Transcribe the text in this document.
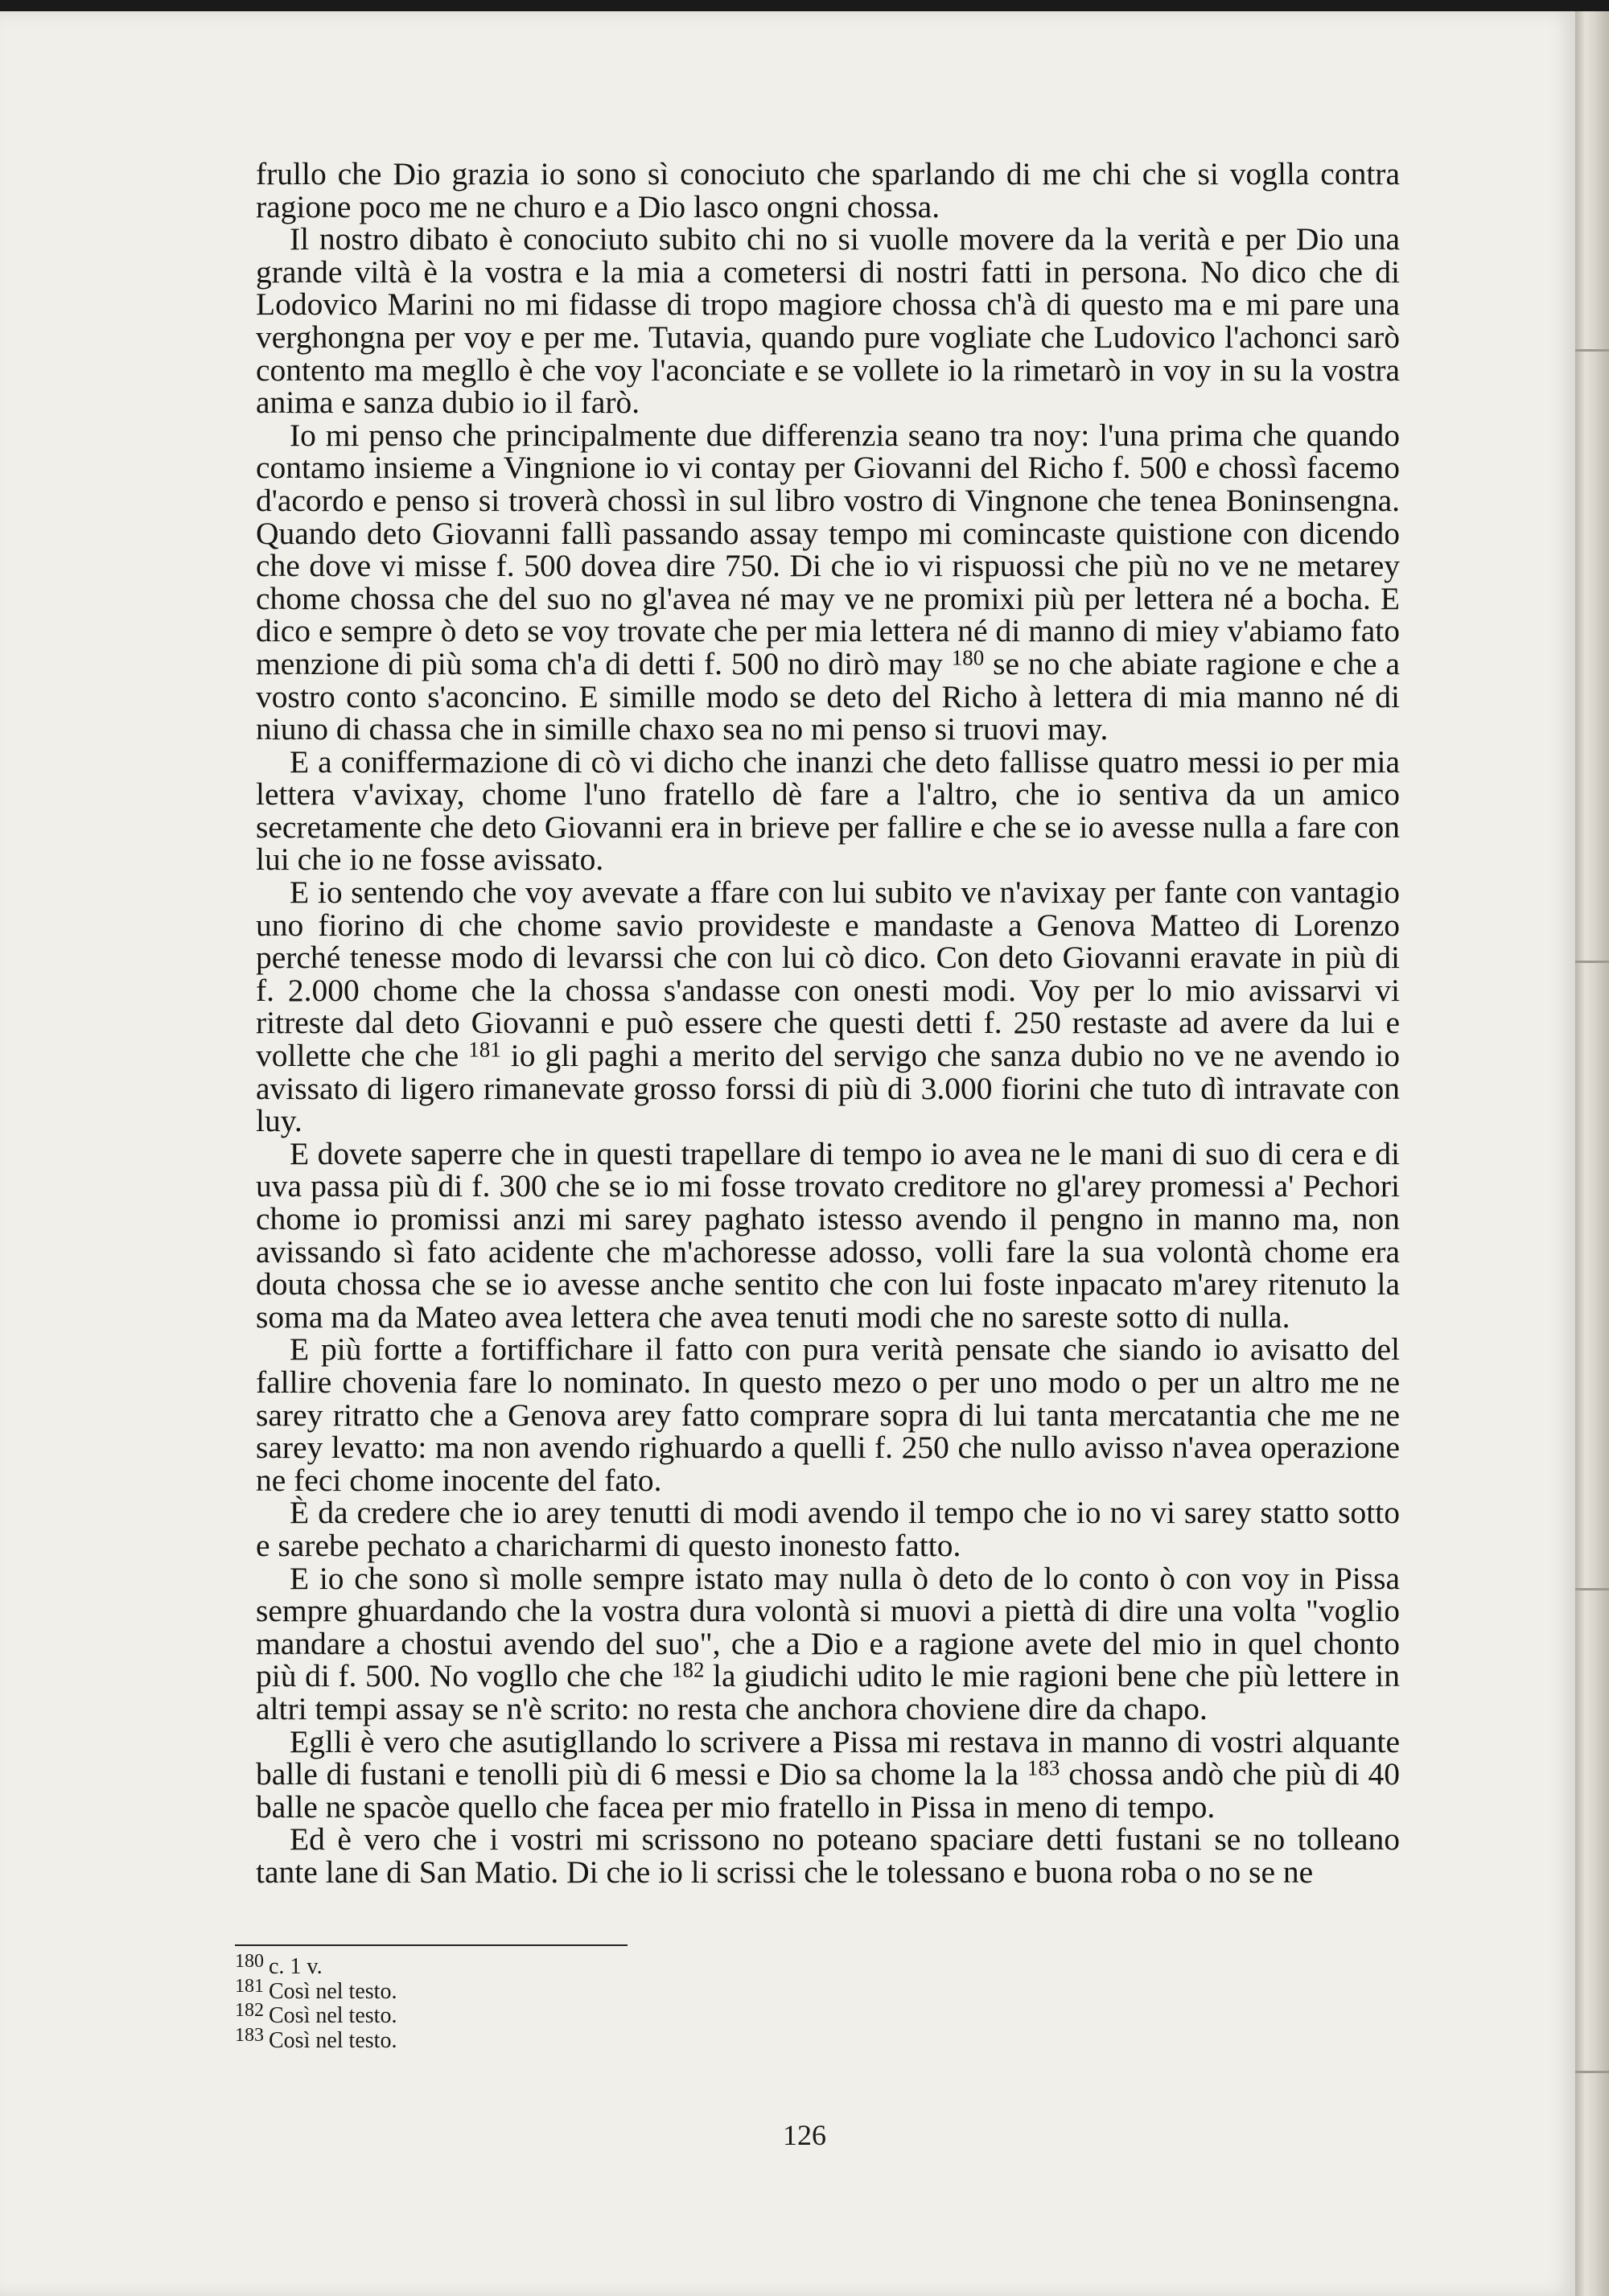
frullo che Dio grazia io sono sì conociuto che sparlando di me chi che si voglla contra ragione poco me ne churo e a Dio lasco ongni chossa.

Il nostro dibato è conociuto subito chi no si vuolle movere da la verità e per Dio una grande viltà è la vostra e la mia a cometersi di nostri fatti in persona. No dico che di Lodovico Marini no mi fidasse di tropo magiore chossa ch'à di questo ma e mi pare una verghongna per voy e per me. Tutavia, quando pure vogliate che Ludovico l'achonci sarò contento ma megllo è che voy l'aconciate e se vollete io la rimetarò in voy in su la vostra anima e sanza dubio io il farò.

Io mi penso che principalmente due differenzia seano tra noy: l'una prima che quando contamo insieme a Vingnione io vi contay per Giovanni del Richo f. 500 e chossì facemo d'acordo e penso si troverà chossì in sul libro vostro di Vingnone che tenea Boninsengna. Quando deto Giovanni fallì passando assay tempo mi comincaste quistione con dicendo che dove vi misse f. 500 dovea dire 750. Di che io vi rispuossi che più no ve ne metarey chome chossa che del suo no gl'avea né may ve ne promixi più per lettera né a bocha. E dico e sempre ò deto se voy trovate che per mia lettera né di manno di miey v'abiamo fato menzione di più soma ch'a di detti f. 500 no dirò may $^{180}$ se no che abiate ragione e che a vostro conto s'aconcino. E simille modo se deto del Richo à lettera di mia manno né di niuno di chassa che in simille chaxo sea no mi penso si truovi may.

E a coniffermazione di cò vi dicho che inanzi che deto fallisse quatro messi io per mia lettera v'avixay, chome l'uno fratello dè fare a l'altro, che io sentiva da un amico secretamente che deto Giovanni era in brieve per fallire e che se io avesse nulla a fare con lui che io ne fosse avissato.

E io sentendo che voy avevate a ffare con lui subito ve n'avixay per fante con vantagio uno fiorino di che chome savio provideste e mandaste a Genova Matteo di Lorenzo perché tenesse modo di levarssi che con lui cò dico. Con deto Giovanni eravate in più di f. 2.000 chome che la chossa s'andasse con onesti modi. Voy per lo mio avissarvi vi ritreste dal deto Giovanni e può essere che questi detti f. 250 restaste ad avere da lui e vollette che che $^{181}$ io gli paghi a merito del servigo che sanza dubio no ve ne avendo io avissato di ligero rimanevate grosso forssi di più di 3.000 fiorini che tuto dì intravate con luy.

E dovete saperre che in questi trapellare di tempo io avea ne le mani di suo di cera e di uva passa più di f. 300 che se io mi fosse trovato creditore no gl'arey promessi a' Pechori chome io promissi anzi mi sarey paghato istesso avendo il pengno in manno ma, non avissando sì fato acidente che m'achoresse adosso, volli fare la sua volontà chome era douta chossa che se io avesse anche sentito che con lui foste inpacato m'arey ritenuto la soma ma da Mateo avea lettera che avea tenuti modi che no sareste sotto di nulla.

E più fortte a fortiffichare il fatto con pura verità pensate che siando io avisatto del fallire chovenia fare lo nominato. In questo mezo o per uno modo o per un altro me ne sarey ritratto che a Genova arey fatto comprare sopra di lui tanta mercatantia che me ne sarey levatto: ma non avendo righuardo a quelli f. 250 che nullo avisso n'avea operazione ne feci chome inocente del fato.

È da credere che io arey tenutti di modi avendo il tempo che io no vi sarey statto sotto e sarebe pechato a charicharmi di questo inonesto fatto.

E io che sono sì molle sempre istato may nulla ò deto de lo conto ò con voy in Pissa sempre ghuardando che la vostra dura volontà si muovi a piettà di dire una volta "voglio mandare a chostui avendo del suo", che a Dio e a ragione avete del mio in quel chonto più di f. 500. No vogllo che che $^{182}$ la giudichi udito le mie ragioni bene che più lettere in altri tempi assay se n'è scrito: no resta che anchora choviene dire da chapo.

Eglli è vero che asutigllando lo scrivere a Pissa mi restava in manno di vostri alquante balle di fustani e tenolli più di 6 messi e Dio sa chome la la $^{183}$ chossa andò che più di 40 balle ne spacòe quello che facea per mio fratello in Pissa in meno di tempo.

Ed è vero che i vostri mi scrissono no poteano spaciare detti fustani se no tolleano tante lane di San Matio. Di che io li scrissi che le tolessano e buona roba o no se ne

180 c. 1 v.
181 Così nel testo.
182 Così nel testo.
183 Così nel testo.
126
